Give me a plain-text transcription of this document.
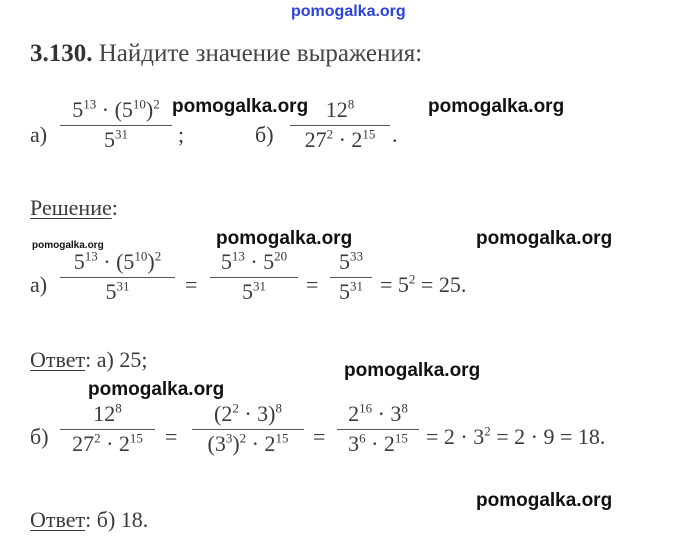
pomogalka.org
3.130. Найдите значение выражения:
а)
$5^{13} \cdot (5^{10})^2$
$5^{31}$ ;	б)
$12^8$
$27^2 \cdot 2^{15}$ .
Решение:
а)
$5^{13} \cdot (5^{10})^2$
$5^{31}$	=
$5^{13} \cdot 5^{20}$
$5^{31}$ =
$5^{33}$
$5^{31} = 5^2 = 25$.
Ответ: а) 25;
б)
$12^8$
$27^2 \cdot 2^{15}$ =
$(2^2 \cdot 3)^8$
$(3^3)^2 \cdot 2^{15}$ =
$2^{16} \cdot 3^8$
$3^6 \cdot 2^{15} = 2 \cdot 3^2 = 2 \cdot 9 = 18$.
Ответ: б) 18.
pomogalka.org	pomogalka.org
pomogalka.org	pomogalka.org	pomogalka.org
pomogalka.org
pomogalka.org
pomogalka.org
